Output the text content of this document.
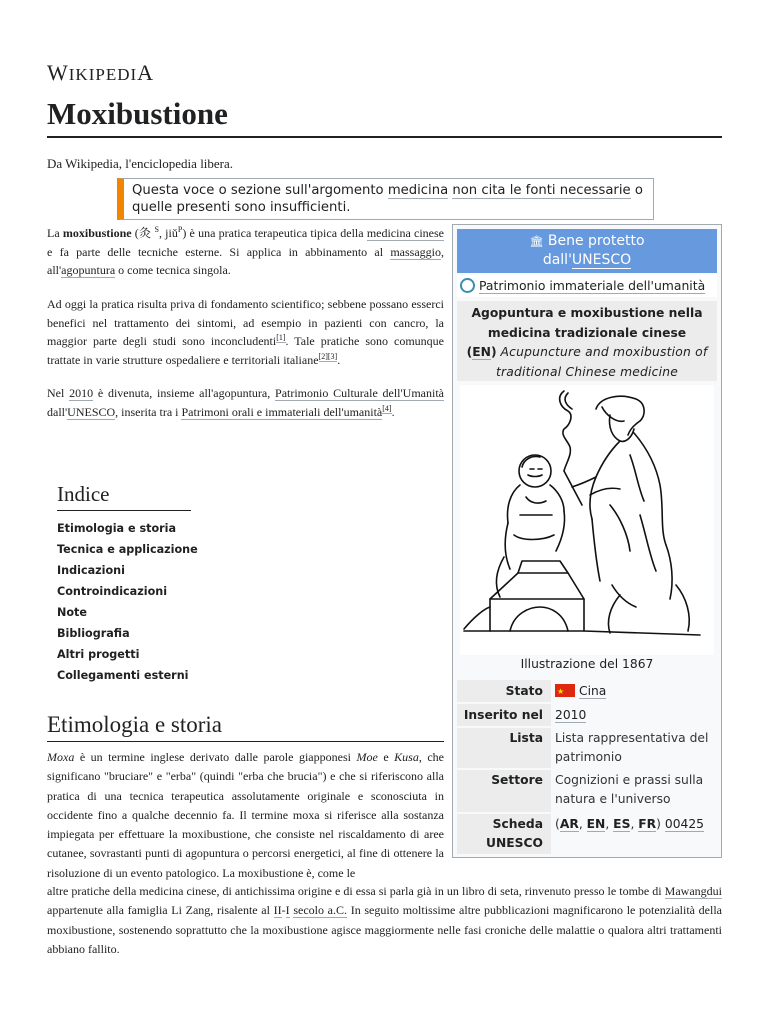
WIKIPEDIA
Moxibustione
Da Wikipedia, l'enciclopedia libera.

Questa voce o sezione sull'argomento medicina non cita le fonti necessarie o quelle presenti sono insufficienti.

La moxibustione (灸 $^S$, jiǔ$^P$) è una pratica terapeutica tipica della medicina cinese e fa parte delle tecniche esterne. Si applica in abbinamento al massaggio, all'agopuntura o come tecnica singola.

Ad oggi la pratica risulta priva di fondamento scientifico; sebbene possano esserci benefici nel trattamento dei sintomi, ad esempio in pazienti con cancro, la maggior parte degli studi sono inconcludenti[1]. Tale pratiche sono comunque trattate in varie strutture ospedaliere e territoriali italiane[2][3].

Nel 2010 è divenuta, insieme all'agopuntura, Patrimonio Culturale dell'Umanità dall'UNESCO, inserita tra i Patrimoni orali e immateriali dell'umanità[4].

Indice
Etimologia e storia
Tecnica e applicazione
Indicazioni
Controindicazioni
Note
Bibliografia
Altri progetti
Collegamenti esterni
Etimologia e storia

Moxa è un termine inglese derivato dalle parole giapponesi Moe e Kusa, che significano "bruciare" e "erba" (quindi "erba che brucia") e che si riferiscono alla pratica di una tecnica terapeutica assolutamente originale e sconosciuta in occidente fino a qualche decennio fa. Il termine moxa si riferisce alla sostanza impiegata per effettuare la moxibustione, che consiste nel riscaldamento di aree cutanee, sovrastanti punti di agopuntura o percorsi energetici, al fine di ottenere la risoluzione di un evento patologico. La moxibustione è, come le

altre pratiche della medicina cinese, di antichissima origine e di essa si parla già in un libro di seta, rinvenuto presso le tombe di Mawangdui appartenute alla famiglia Li Zang, risalente al II-I secolo a.C. In seguito moltissime altre pubblicazioni magnificarono le potenzialità della moxibustione, sostenendo soprattutto che la moxibustione agisce maggiormente nelle fasi croniche delle malattie o qualora altri trattamenti abbiano fallito.

🏛 Bene protetto
dall'UNESCO
Patrimonio immateriale dell'umanità
Agopuntura e moxibustione nella medicina tradizionale cinese
(EN) Acupuncture and moxibustion of traditional Chinese medicine
Illustrazione del 1867
Stato
★	Cina
Inserito nel 2010
Lista Lista rappresentativa del patrimonio
Settore Cognizioni e prassi sulla natura e l'universo
Scheda UNESCO
(AR, EN, ES, FR) 00425
